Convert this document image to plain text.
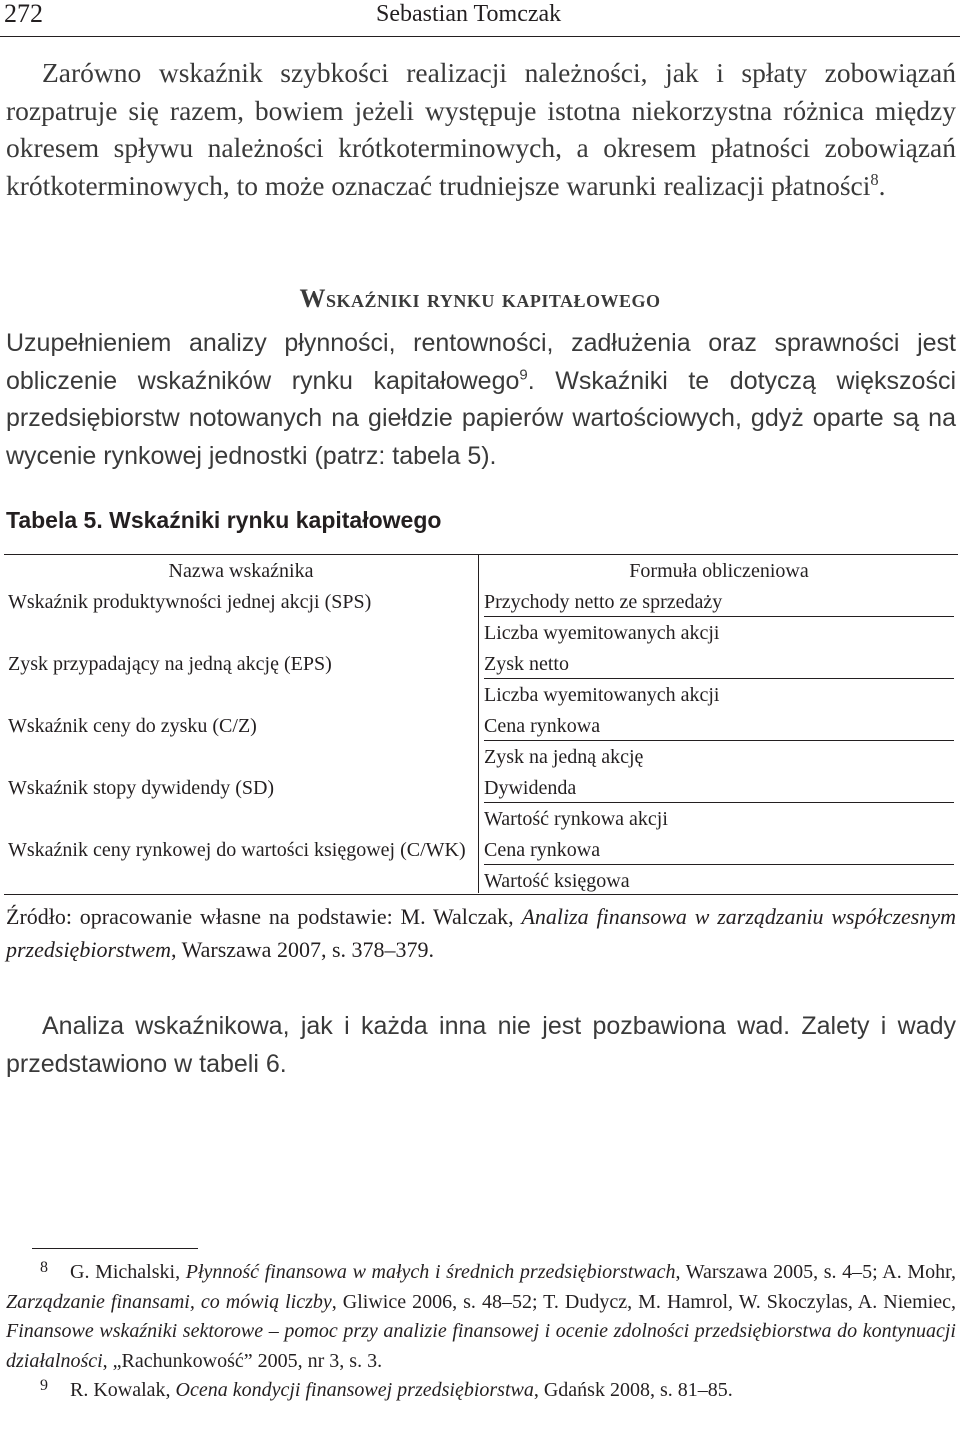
272	Sebastian Tomczak

Zarówno wskaźnik szybkości realizacji należności, jak i spłaty zobowiązań rozpatruje się razem, bowiem jeżeli występuje istotna niekorzystna różnica między okresem spływu należności krótkoterminowych, a okresem płatności zobowiązań krótkoterminowych, to może oznaczać trudniejsze warunki realizacji płatności$^8$.

Wskaźniki rynku kapitałowego

Uzupełnieniem analizy płynności, rentowności, zadłużenia oraz sprawności jest obliczenie wskaźników rynku kapitałowego$^9$. Wskaźniki te dotyczą większości przedsiębiorstw notowanych na giełdzie papierów wartościowych, gdyż oparte są na wycenie rynkowej jednostki (patrz: tabela 5).

Tabela 5. Wskaźniki rynku kapitałowego
Nazwa wskaźnika	Formuła obliczeniowa
Wskaźnik produktywności jednej akcji (SPS)	Przychody netto ze sprzedaży
Liczba wyemitowanych akcji
Zysk przypadający na jedną akcję (EPS)	Zysk netto
Liczba wyemitowanych akcji
Wskaźnik ceny do zysku (C/Z)	Cena rynkowa
Zysk na jedną akcję
Wskaźnik stopy dywidendy (SD)	Dywidenda
Wartość rynkowa akcji
Wskaźnik ceny rynkowej do wartości księgowej (C/WK) Cena rynkowa
Wartość księgowa

Źródło: opracowanie własne na podstawie: M. Walczak, Analiza finansowa w zarządzaniu współczesnym przedsiębiorstwem, Warszawa 2007, s. 378–379.

Analiza wskaźnikowa, jak i każda inna nie jest pozbawiona wad. Zalety i wady przedstawiono w tabeli 6.

8 G. Michalski, Płynność finansowa w małych i średnich przedsiębiorstwach, Warszawa 2005, s. 4–5; A. Mohr, Zarządzanie finansami, co mówią liczby, Gliwice 2006, s. 48–52; T. Dudycz, M. Hamrol, W. Skoczylas, A. Niemiec, Finansowe wskaźniki sektorowe – pomoc przy analizie finansowej i ocenie zdolności przedsiębiorstwa do kontynuacji działalności, „Rachunkowość” 2005, nr 3, s. 3.

9 R. Kowalak, Ocena kondycji finansowej przedsiębiorstwa, Gdańsk 2008, s. 81–85.
